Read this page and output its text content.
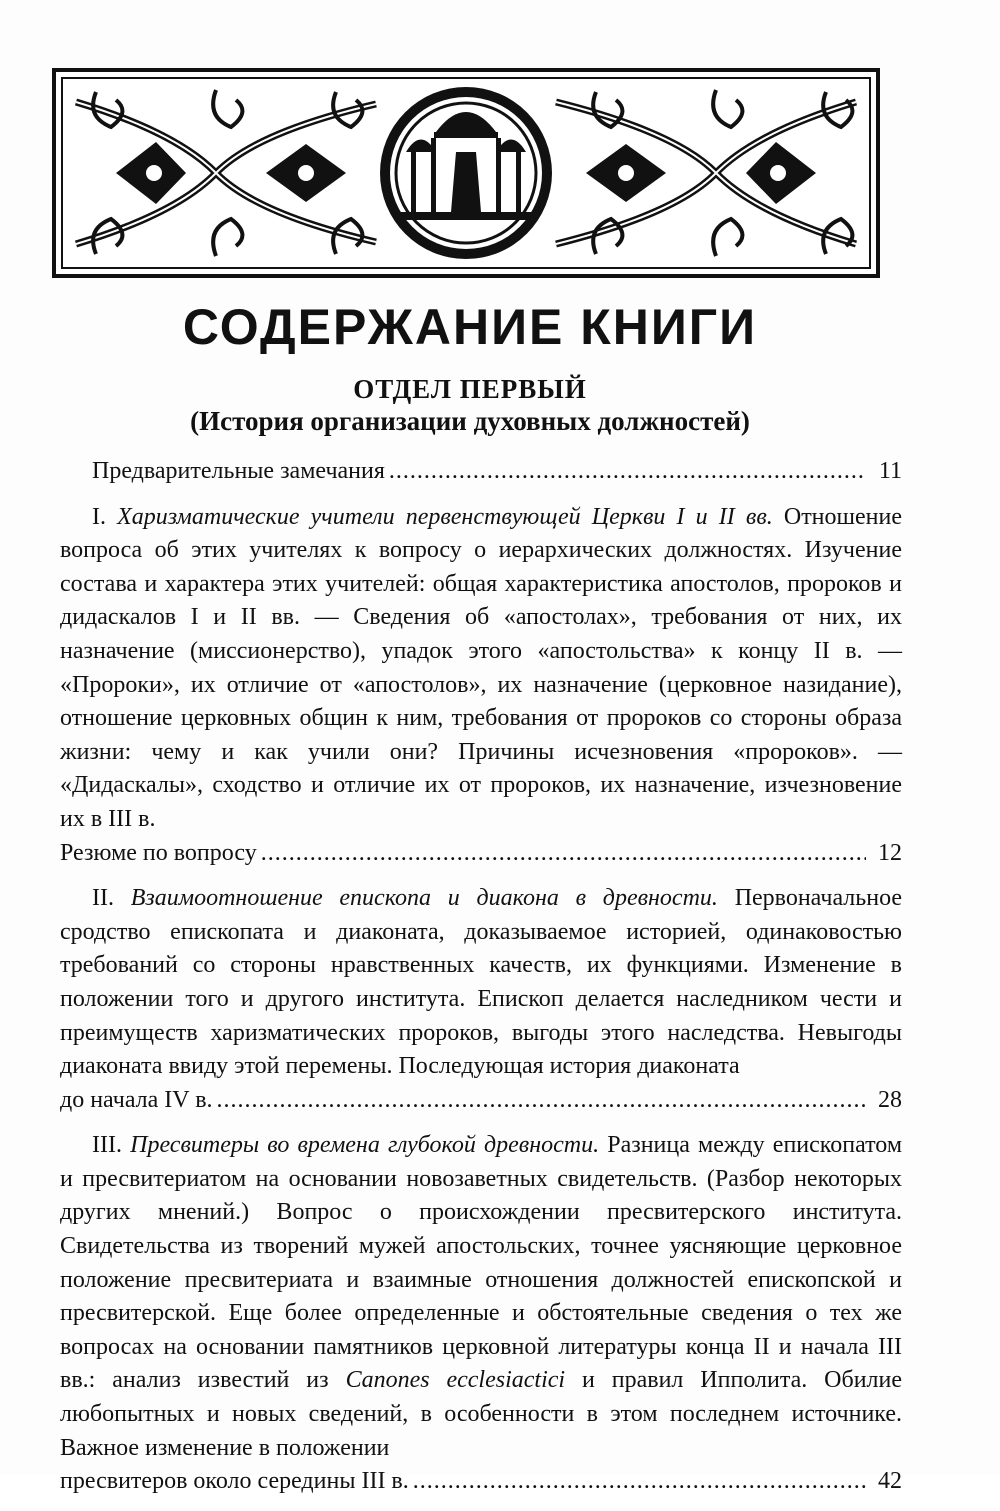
СОДЕРЖАНИЕ КНИГИ
ОТДЕЛ ПЕРВЫЙ
(История организации духовных должностей)
Предварительные замечания .....	11
I. Харизматические учители первенствующей Церкви I и II вв. Отношение вопроса об этих учителях к вопросу о иерархических должностях. Изучение состава и характера этих учителей: общая характеристика апостолов, пророков и дидаскалов I и II вв. — Сведения об «апостолах», требования от них, их назначение (миссионерство), упадок этого «апостольства» к концу II в. — «Пророки», их отличие от «апостолов», их назначение (церковное назидание), отношение церковных общин к ним, требования от пророков со стороны образа жизни: чему и как учили они? Причины исчезновения «пророков». — «Дидаскалы», сходство и отличие их от пророков, их назначение, изчезновение их в III в.
Резюме по вопросу .....	12
II. Взаимоотношение епископа и диакона в древности. Первоначальное сродство епископата и диаконата, доказываемое историей, одинаковостью требований со стороны нравственных качеств, их функциями. Изменение в положении того и другого института. Епископ делается наследником чести и преимуществ харизматических пророков, выгоды этого наследства. Невыгоды диаконата ввиду этой перемены. Последующая история диаконата
до начала IV в. .....	28
III. Пресвитеры во времена глубокой древности. Разница между епископатом и пресвитериатом на основании новозаветных свидетельств. (Разбор некоторых других мнений.) Вопрос о происхождении пресвитерского института. Свидетельства из творений мужей апостольских, точнее уясняющие церковное положение пресвитериата и взаимные отношения должностей епископской и пресвитерской. Еще более определенные и обстоятельные сведения о тех же вопросах на основании памятников церковной литературы конца II и начала III вв.: анализ известий из Canones ecclesiactici и правил Ипполита. Обилие любопытных и новых сведений, в особенности в этом последнем источнике. Важное изменение в положении
пресвитеров около середины III в. .....	42
